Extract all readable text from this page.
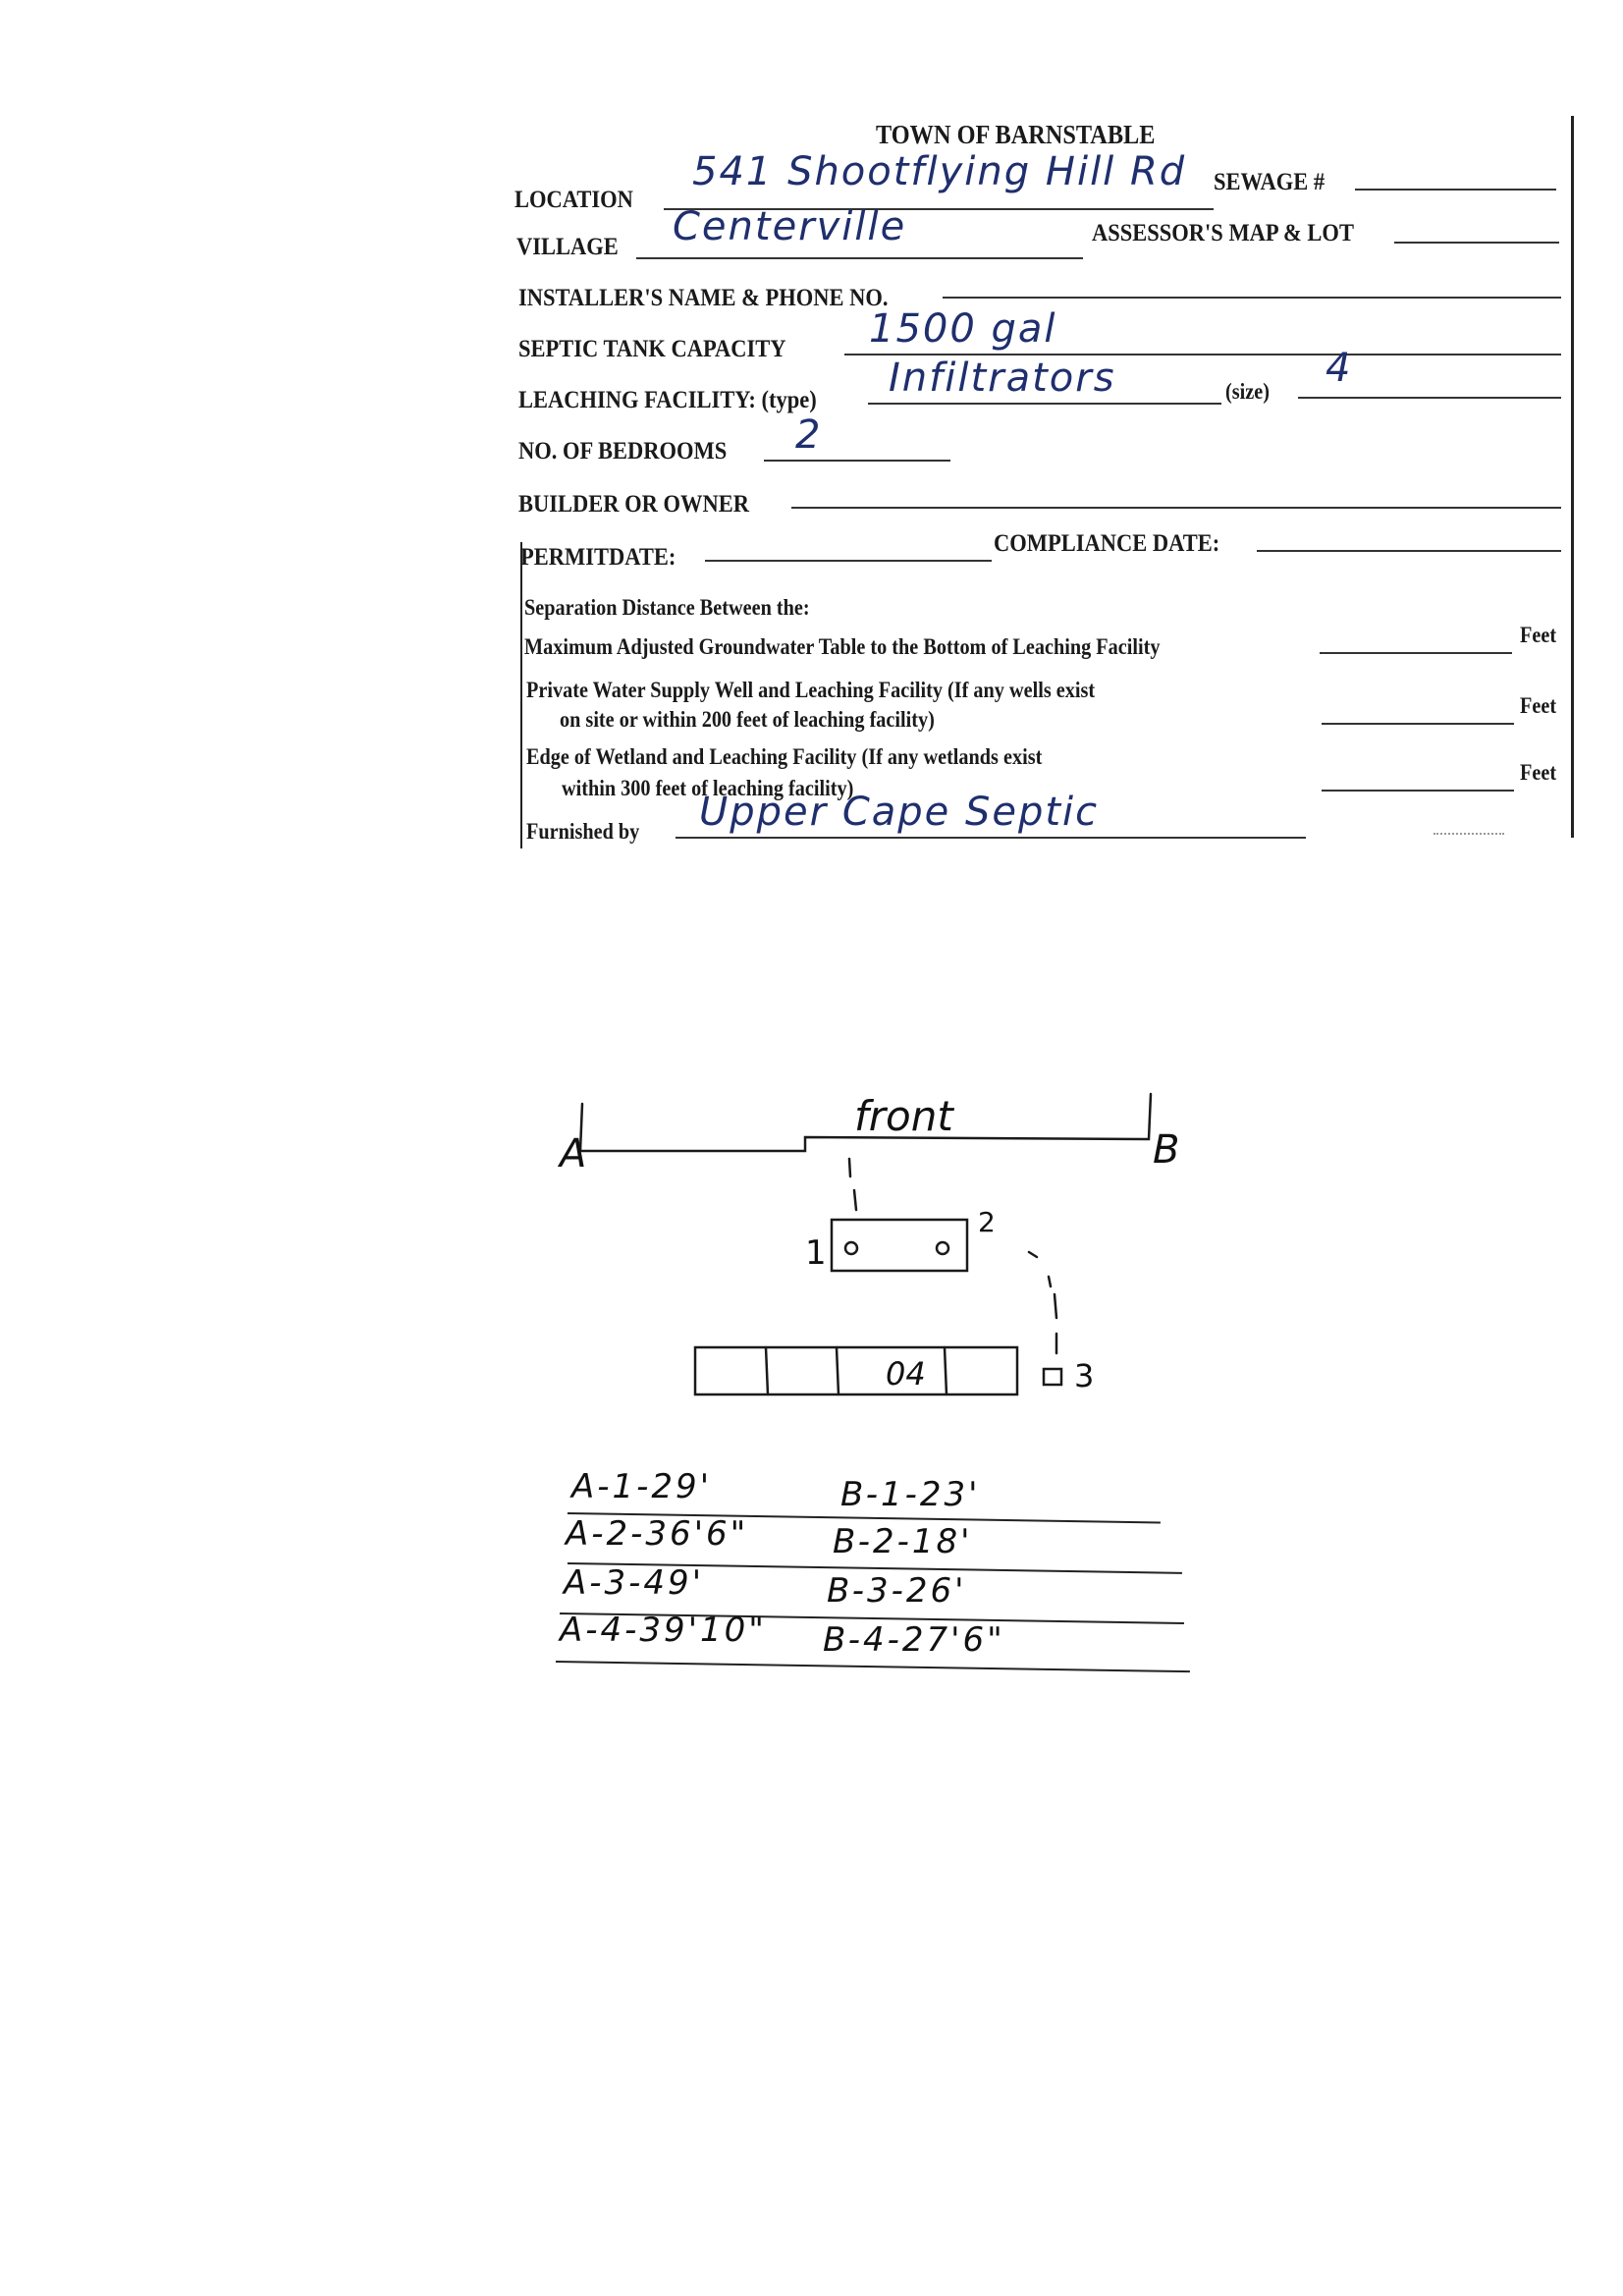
TOWN OF BARNSTABLE
LOCATION
541 Shootflying Hill Rd SEWAGE #
VILLAGE Centerville	ASSESSOR'S MAP & LOT
INSTALLER'S NAME & PHONE NO.
SEPTIC TANK CAPACITY 1500 gal
LEACHING FACILITY: (type) Infiltrators	(size)
4
NO. OF BEDROOMS 2
BUILDER OR OWNER
PERMITDATE:
COMPLIANCE DATE:
Separation Distance Between the:
Maximum Adjusted Groundwater Table to the Bottom of Leaching Facility	Feet
Private Water Supply Well and Leaching Facility (If any wells exist
on site or within 200 feet of leaching facility)
Feet
Edge of Wetland and Leaching Facility (If any wetlands exist
within 300 feet of leaching facility)
Feet
Furnished by Upper Cape Septic
front
A	B
1
2
3
04
A-1-29'	B-1-23'
A-2-36'6"	B-2-18'
A-3-49'	B-3-26'
A-4-39'10" B-4-27'6"
